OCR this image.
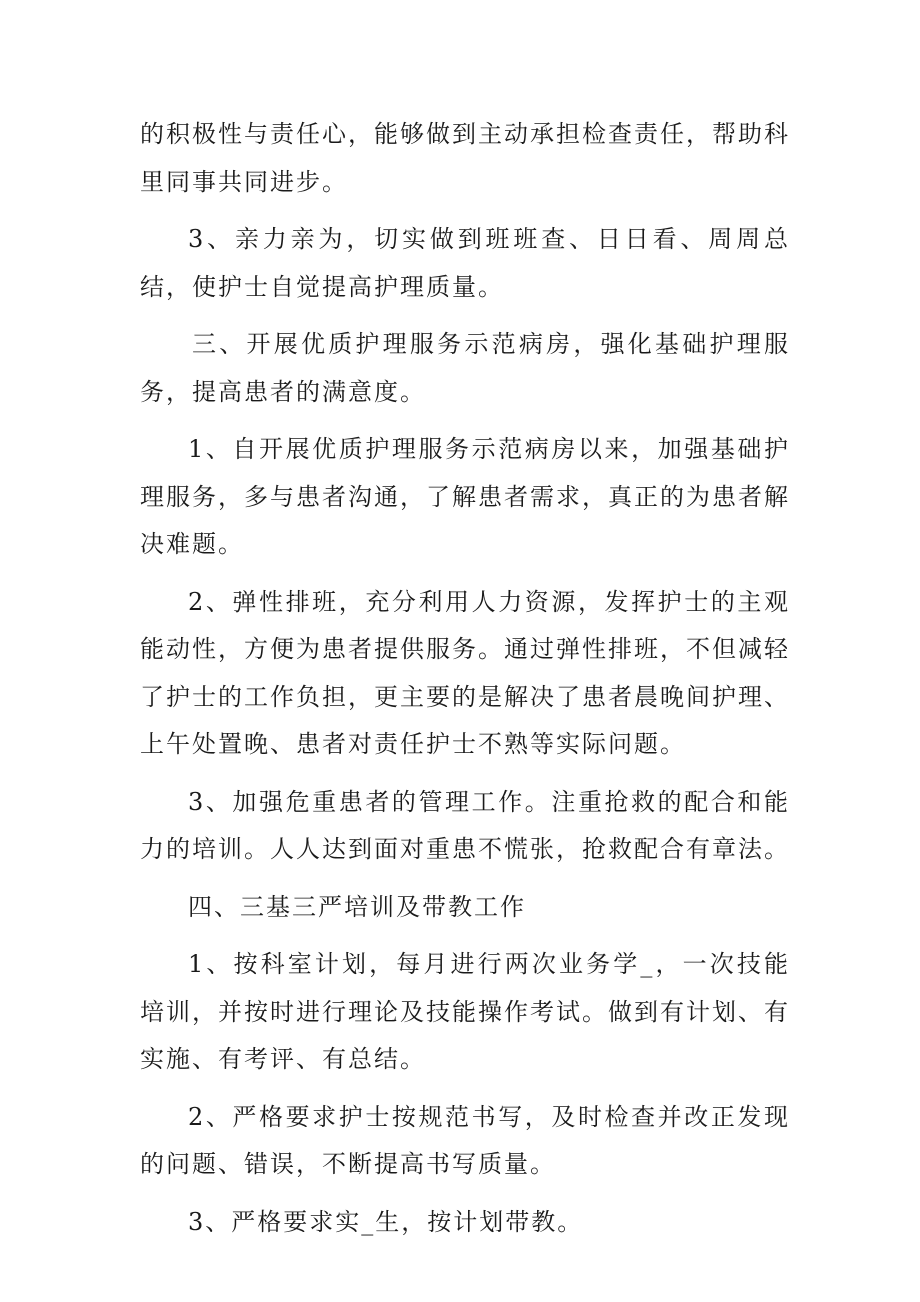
的积极性与责任心，能够做到主动承担检查责任，帮助科里同事共同进步。

3、亲力亲为，切实做到班班查、日日看、周周总结，使护士自觉提高护理质量。

三、开展优质护理服务示范病房，强化基础护理服务，提高患者的满意度。

1、自开展优质护理服务示范病房以来，加强基础护理服务，多与患者沟通，了解患者需求，真正的为患者解决难题。

2、弹性排班，充分利用人力资源，发挥护士的主观能动性，方便为患者提供服务。通过弹性排班，不但减轻了护士的工作负担，更主要的是解决了患者晨晚间护理、上午处置晚、患者对责任护士不熟等实际问题。

3、加强危重患者的管理工作。注重抢救的配合和能力的培训。人人达到面对重患不慌张，抢救配合有章法。

四、三基三严培训及带教工作

1、按科室计划，每月进行两次业务学_，一次技能培训，并按时进行理论及技能操作考试。做到有计划、有实施、有考评、有总结。

2、严格要求护士按规范书写，及时检查并改正发现的问题、错误，不断提高书写质量。

3、严格要求实_生，按计划带教。
